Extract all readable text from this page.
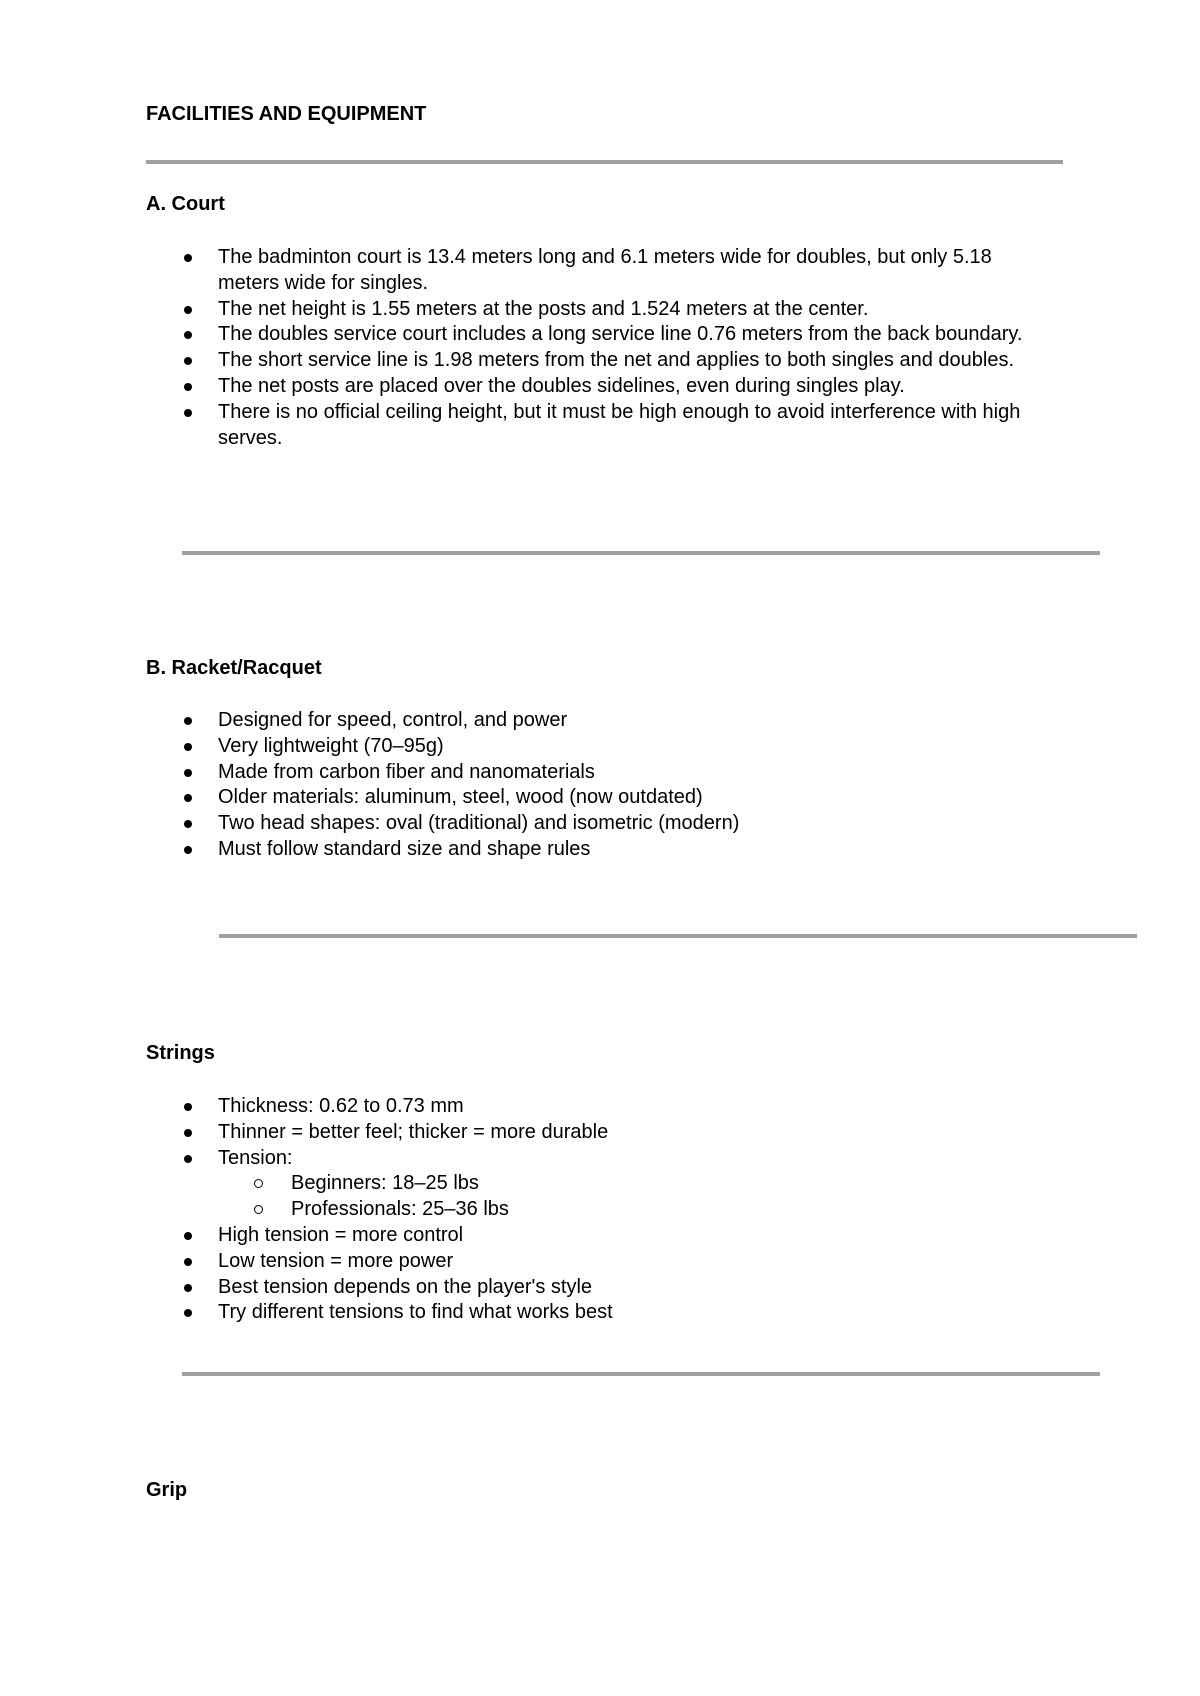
FACILITIES AND EQUIPMENT
A. Court
The badminton court is 13.4 meters long and 6.1 meters wide for doubles, but only 5.18 meters wide for singles.
The net height is 1.55 meters at the posts and 1.524 meters at the center.
The doubles service court includes a long service line 0.76 meters from the back boundary.
The short service line is 1.98 meters from the net and applies to both singles and doubles.
The net posts are placed over the doubles sidelines, even during singles play.
There is no official ceiling height, but it must be high enough to avoid interference with high serves.
B. Racket/Racquet
Designed for speed, control, and power
Very lightweight (70–95g)
Made from carbon fiber and nanomaterials
Older materials: aluminum, steel, wood (now outdated)
Two head shapes: oval (traditional) and isometric (modern)
Must follow standard size and shape rules
Strings
Thickness: 0.62 to 0.73 mm
Thinner = better feel; thicker = more durable
Tension:
Beginners: 18–25 lbs
Professionals: 25–36 lbs
High tension = more control
Low tension = more power
Best tension depends on the player's style
Try different tensions to find what works best
Grip
